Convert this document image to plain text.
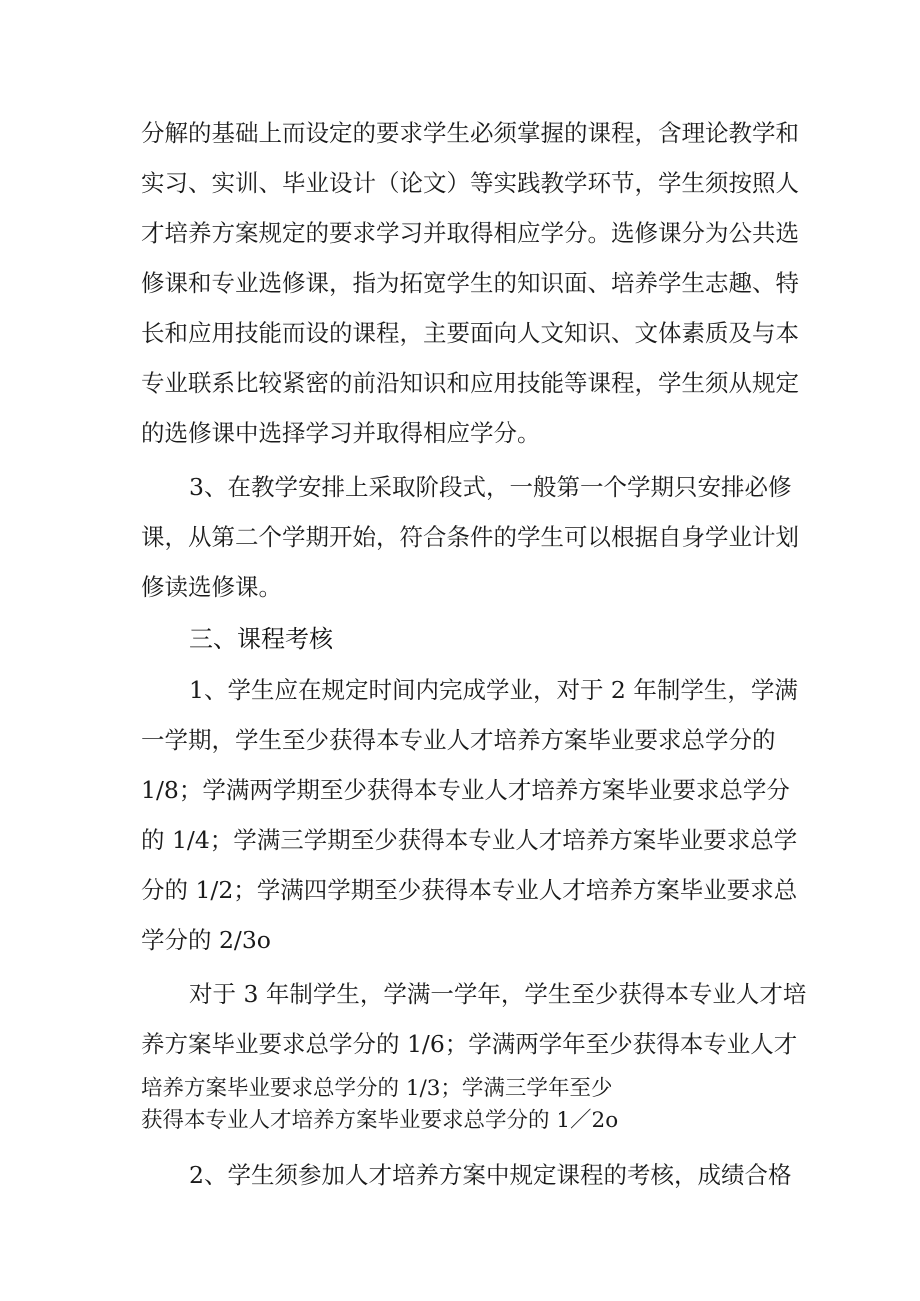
分解的基础上而设定的要求学生必须掌握的课程，含理论教学和
实习、实训、毕业设计（论文）等实践教学环节，学生须按照人
才培养方案规定的要求学习并取得相应学分。选修课分为公共选
修课和专业选修课，指为拓宽学生的知识面、培养学生志趣、特
长和应用技能而设的课程，主要面向人文知识、文体素质及与本
专业联系比较紧密的前沿知识和应用技能等课程，学生须从规定
的选修课中选择学习并取得相应学分。
3、在教学安排上采取阶段式，一般第一个学期只安排必修
课，从第二个学期开始，符合条件的学生可以根据自身学业计划
修读选修课。
三、课程考核
1、学生应在规定时间内完成学业，对于 2 年制学生，学满
一学期，学生至少获得本专业人才培养方案毕业要求总学分的
1/8；学满两学期至少获得本专业人才培养方案毕业要求总学分
的 1/4；学满三学期至少获得本专业人才培养方案毕业要求总学
分的 1/2；学满四学期至少获得本专业人才培养方案毕业要求总
学分的 2/3o
对于 3 年制学生，学满一学年，学生至少获得本专业人才培
养方案毕业要求总学分的 1/6；学满两学年至少获得本专业人才
培养方案毕业要求总学分的 1/3；学满三学年至少
获得本专业人才培养方案毕业要求总学分的 1／2o
2、学生须参加人才培养方案中规定课程的考核，成绩合格
